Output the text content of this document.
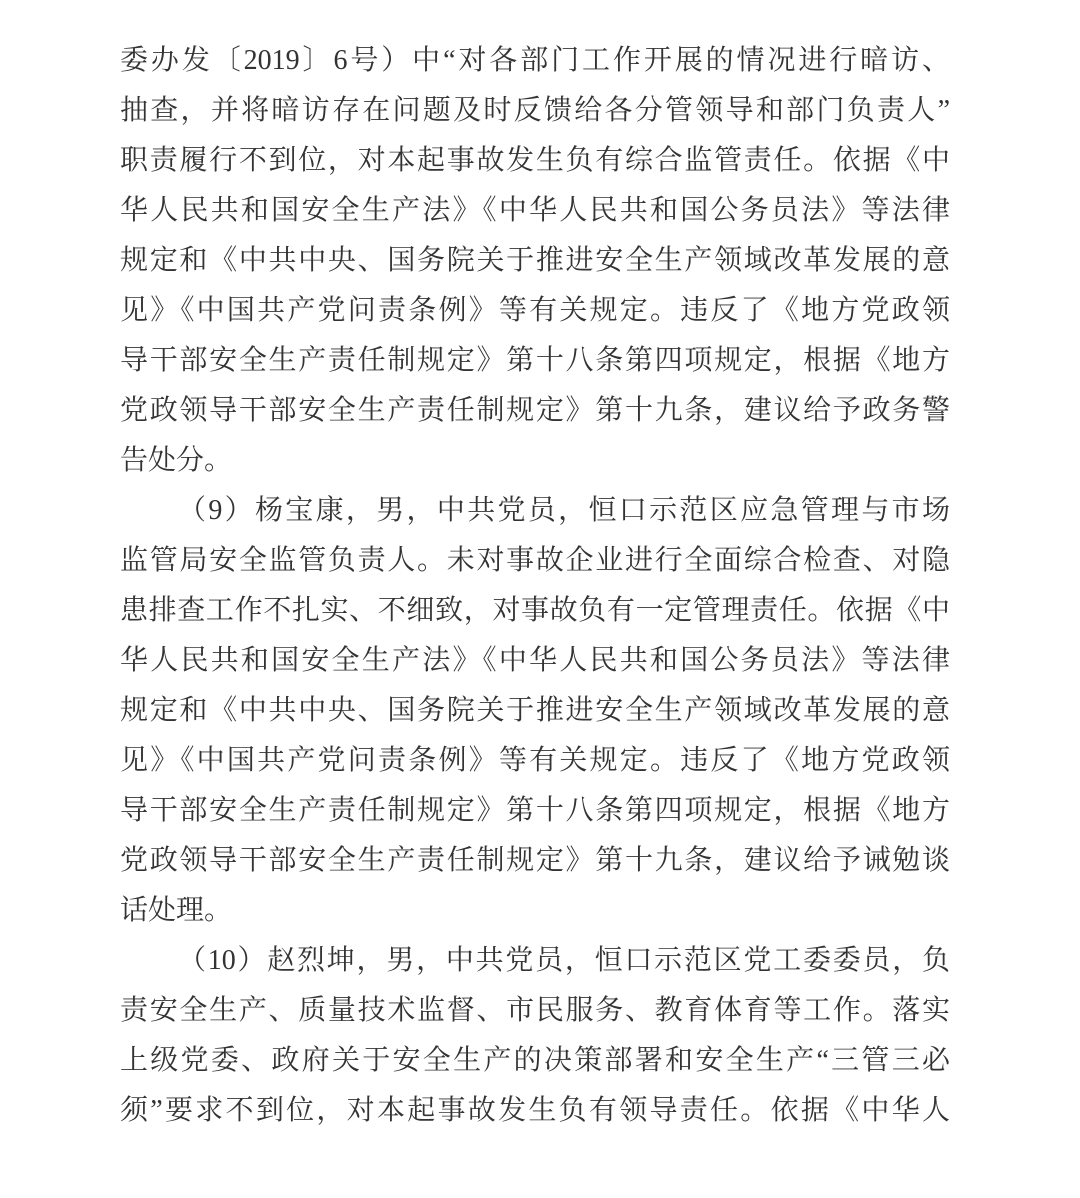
委办发〔2019〕6号）中“对各部门工作开展的情况进行暗访、
抽查，并将暗访存在问题及时反馈给各分管领导和部门负责人”
职责履行不到位，对本起事故发生负有综合监管责任。依据《中
华人民共和国安全生产法》《中华人民共和国公务员法》等法律
规定和《中共中央、国务院关于推进安全生产领域改革发展的意
见》《中国共产党问责条例》等有关规定。违反了《地方党政领
导干部安全生产责任制规定》第十八条第四项规定，根据《地方
党政领导干部安全生产责任制规定》第十九条，建议给予政务警
告处分。
（9）杨宝康，男，中共党员，恒口示范区应急管理与市场
监管局安全监管负责人。未对事故企业进行全面综合检查、对隐
患排查工作不扎实、不细致，对事故负有一定管理责任。依据《中
华人民共和国安全生产法》《中华人民共和国公务员法》等法律
规定和《中共中央、国务院关于推进安全生产领域改革发展的意
见》《中国共产党问责条例》等有关规定。违反了《地方党政领
导干部安全生产责任制规定》第十八条第四项规定，根据《地方
党政领导干部安全生产责任制规定》第十九条，建议给予诫勉谈
话处理。
（10）赵烈坤，男，中共党员，恒口示范区党工委委员，负
责安全生产、质量技术监督、市民服务、教育体育等工作。落实
上级党委、政府关于安全生产的决策部署和安全生产“三管三必
须”要求不到位，对本起事故发生负有领导责任。依据《中华人
